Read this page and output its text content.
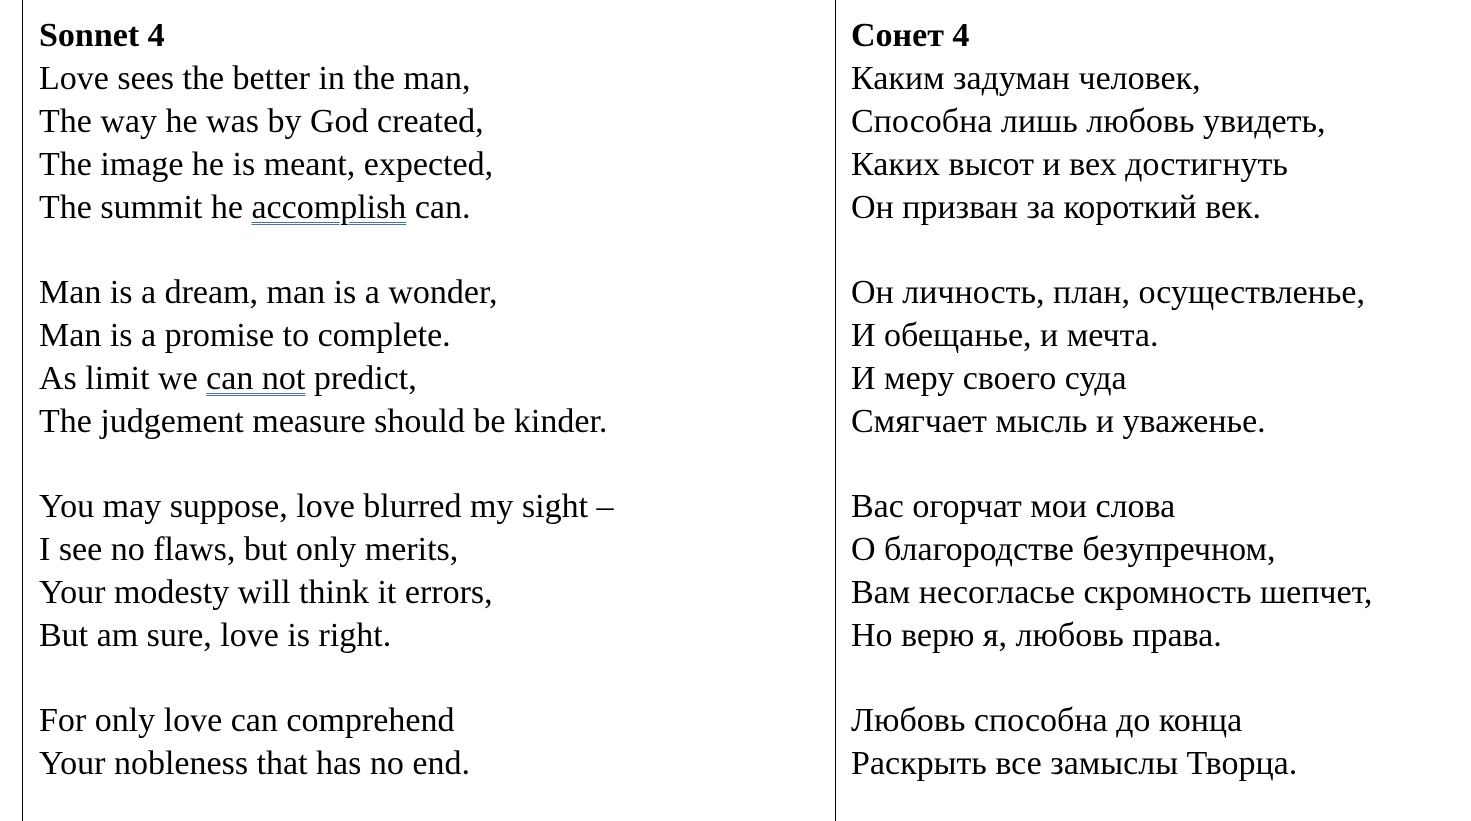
Sonnet 4
Love sees the better in the man,
The way he was by God created,
The image he is meant, expected,
The summit he accomplish can.
Man is a dream, man is a wonder,
Man is a promise to complete.
As limit we can not predict,
The judgement measure should be kinder.
You may suppose, love blurred my sight –
I see no flaws, but only merits,
Your modesty will think it errors,
But am sure, love is right.
For only love can comprehend
Your nobleness that has no end.
Сонет 4
Каким задуман человек,
Способна лишь любовь увидеть,
Каких высот и вех достигнуть
Он призван за короткий век.
Он личность, план, осуществленье,
И обещанье, и мечта.
И меру своего суда
Смягчает мысль и уваженье.
Вас огорчат мои слова
О благородстве безупречном,
Вам несогласье скромность шепчет,
Но верю я, любовь права.
Любовь способна до конца
Раскрыть все замыслы Творца.
